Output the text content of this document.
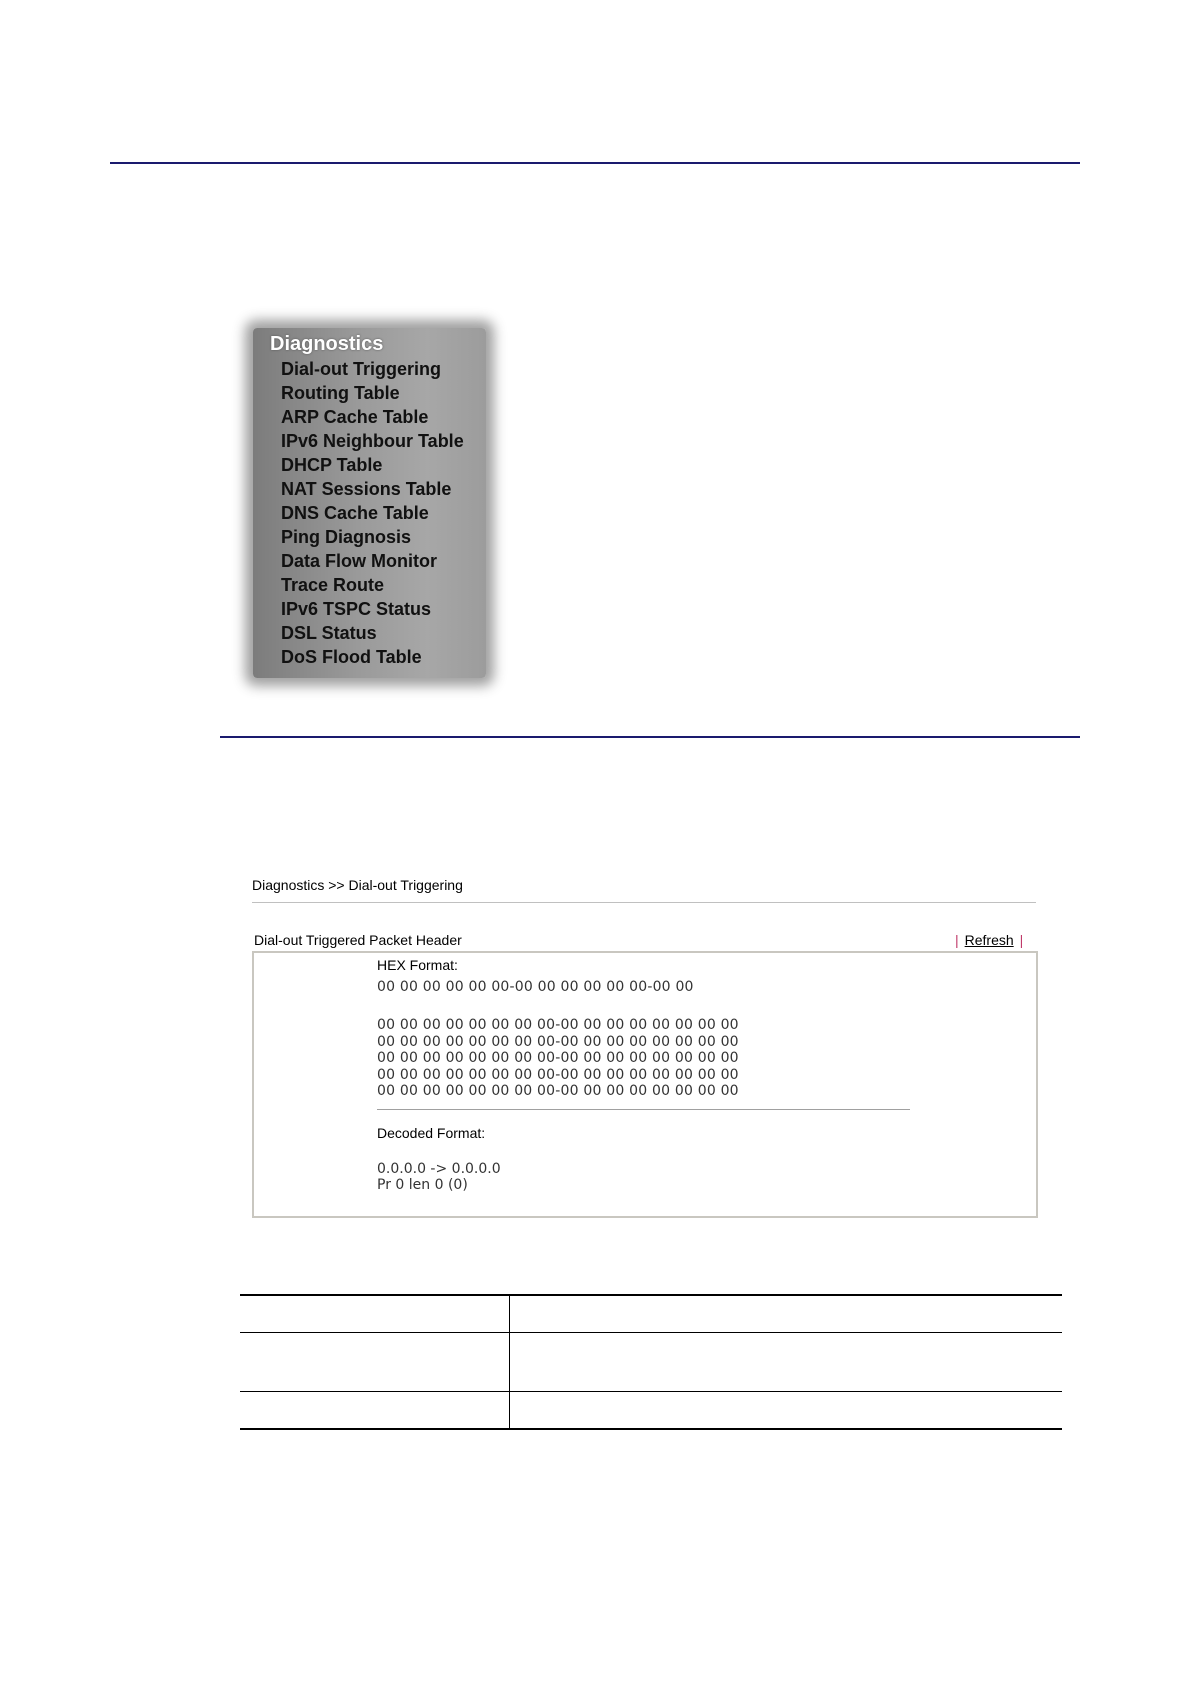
Diagnostics
Dial-out Triggering
Routing Table
ARP Cache Table
IPv6 Neighbour Table
DHCP Table
NAT Sessions Table
DNS Cache Table
Ping Diagnosis
Data Flow Monitor
Trace Route
IPv6 TSPC Status
DSL Status
DoS Flood Table
Diagnostics >> Dial-out Triggering
Dial-out Triggered Packet Header	| Refresh |
HEX Format:
00 00 00 00 00 00-00 00 00 00 00 00-00 00
00 00 00 00 00 00 00 00-00 00 00 00 00 00 00 00
00 00 00 00 00 00 00 00-00 00 00 00 00 00 00 00
00 00 00 00 00 00 00 00-00 00 00 00 00 00 00 00
00 00 00 00 00 00 00 00-00 00 00 00 00 00 00 00
00 00 00 00 00 00 00 00-00 00 00 00 00 00 00 00
Decoded Format:
0.0.0.0 -> 0.0.0.0
Pr 0 len 0 (0)
